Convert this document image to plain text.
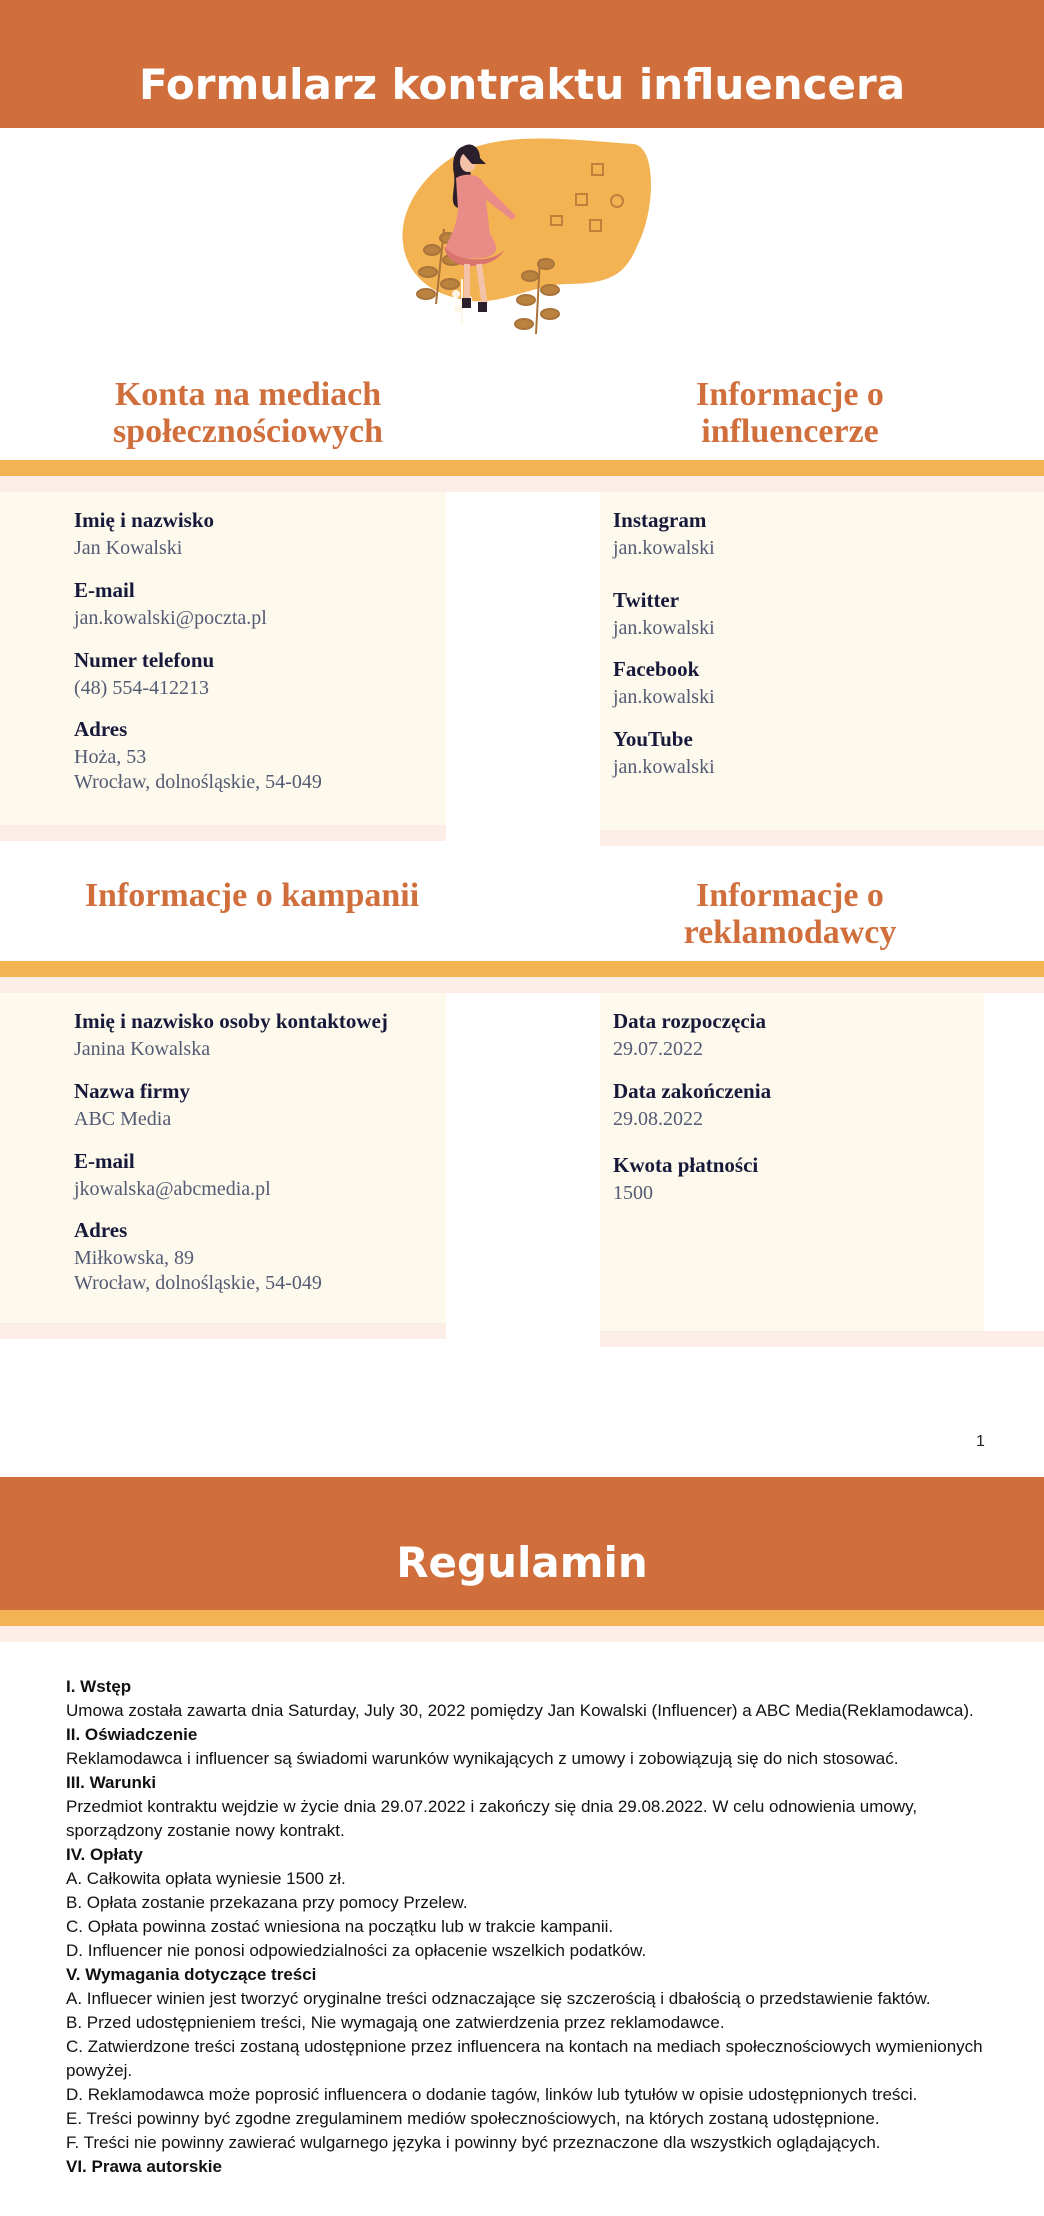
Formularz kontraktu influencera
Konta na mediach społecznościowych
Informacje o influencerze
Imię i nazwisko
Jan Kowalski
E-mail
jan.kowalski@poczta.pl
Numer telefonu
(48) 554-412213
Adres
Hoża, 53
Wrocław, dolnośląskie, 54-049
Instagram
jan.kowalski
Twitter
jan.kowalski
Facebook
jan.kowalski
YouTube
jan.kowalski
Informacje o kampanii	Informacje o reklamodawcy
Imię i nazwisko osoby kontaktowej
Janina Kowalska
Nazwa firmy
ABC Media
E-mail
jkowalska@abcmedia.pl
Adres
Miłkowska, 89
Wrocław, dolnośląskie, 54-049
Data rozpoczęcia
29.07.2022
Data zakończenia
29.08.2022
Kwota płatności
1500
1
Regulamin
I. Wstęp
Umowa została zawarta dnia Saturday, July 30, 2022 pomiędzy Jan Kowalski (Influencer) a ABC Media(Reklamodawca).
II. Oświadczenie
Reklamodawca i influencer są świadomi warunków wynikających z umowy i zobowiązują się do nich stosować.
III. Warunki
Przedmiot kontraktu wejdzie w życie dnia 29.07.2022 i zakończy się dnia 29.08.2022. W celu odnowienia umowy, sporządzony zostanie nowy kontrakt.
IV. Opłaty
A. Całkowita opłata wyniesie 1500 zł.
B. Opłata zostanie przekazana przy pomocy Przelew.
C. Opłata powinna zostać wniesiona na początku lub w trakcie kampanii.
D. Influencer nie ponosi odpowiedzialności za opłacenie wszelkich podatków.
V. Wymagania dotyczące treści
A. Influecer winien jest tworzyć oryginalne treści odznaczające się szczerością i dbałością o przedstawienie faktów.
B. Przed udostępnieniem treści, Nie wymagają one zatwierdzenia przez reklamodawce.
C. Zatwierdzone treści zostaną udostępnione przez influencera na kontach na mediach społecznościowych wymienionych powyżej.
D. Reklamodawca może poprosić influencera o dodanie tagów, linków lub tytułów w opisie udostępnionych treści.
E. Treści powinny być zgodne zregulaminem mediów społecznościowych, na których zostaną udostępnione.
F. Treści nie powinny zawierać wulgarnego języka i powinny być przeznaczone dla wszystkich oglądających.
VI. Prawa autorskie
